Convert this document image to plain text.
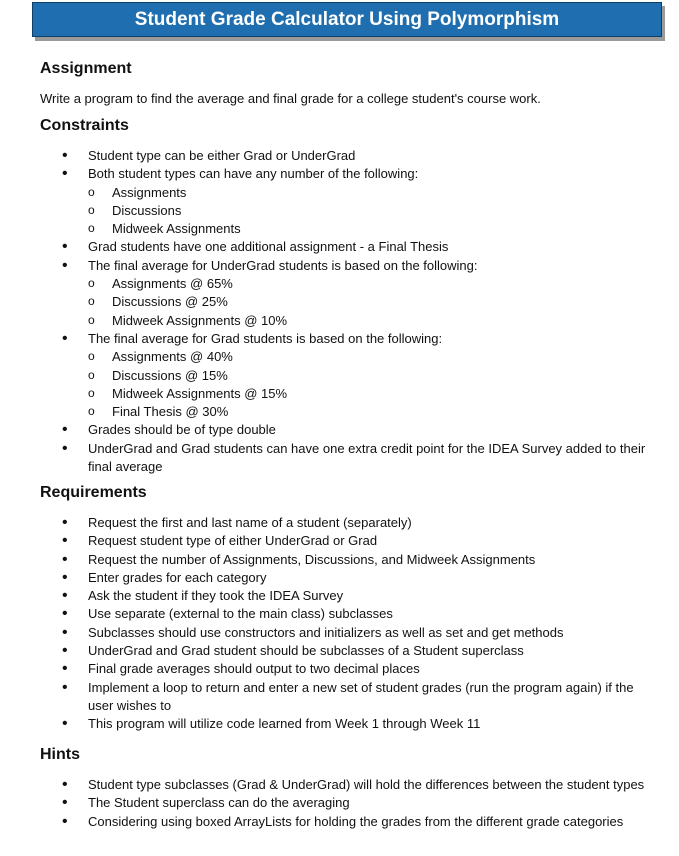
Student Grade Calculator Using Polymorphism
Assignment

Write a program to find the average and final grade for a college student's course work.

Constraints
• Student type can be either Grad or UnderGrad
• Both student types can have any number of the following:
o Assignments
o Discussions
o Midweek Assignments
• Grad students have one additional assignment - a Final Thesis
• The final average for UnderGrad students is based on the following:
o Assignments @ 65%
o Discussions @ 25%
o Midweek Assignments @ 10%
• The final average for Grad students is based on the following:
o Assignments @ 40%
o Discussions @ 15%
o Midweek Assignments @ 15%
o Final Thesis @ 30%
• Grades should be of type double
• UnderGrad and Grad students can have one extra credit point for the IDEA Survey added to their final average
Requirements
• Request the first and last name of a student (separately)
• Request student type of either UnderGrad or Grad
• Request the number of Assignments, Discussions, and Midweek Assignments
• Enter grades for each category
• Ask the student if they took the IDEA Survey
• Use separate (external to the main class) subclasses
• Subclasses should use constructors and initializers as well as set and get methods
• UnderGrad and Grad student should be subclasses of a Student superclass
• Final grade averages should output to two decimal places
• Implement a loop to return and enter a new set of student grades (run the program again) if the user wishes to
• This program will utilize code learned from Week 1 through Week 11
Hints
• Student type subclasses (Grad & UnderGrad) will hold the differences between the student types
• The Student superclass can do the averaging
• Considering using boxed ArrayLists for holding the grades from the different grade categories
